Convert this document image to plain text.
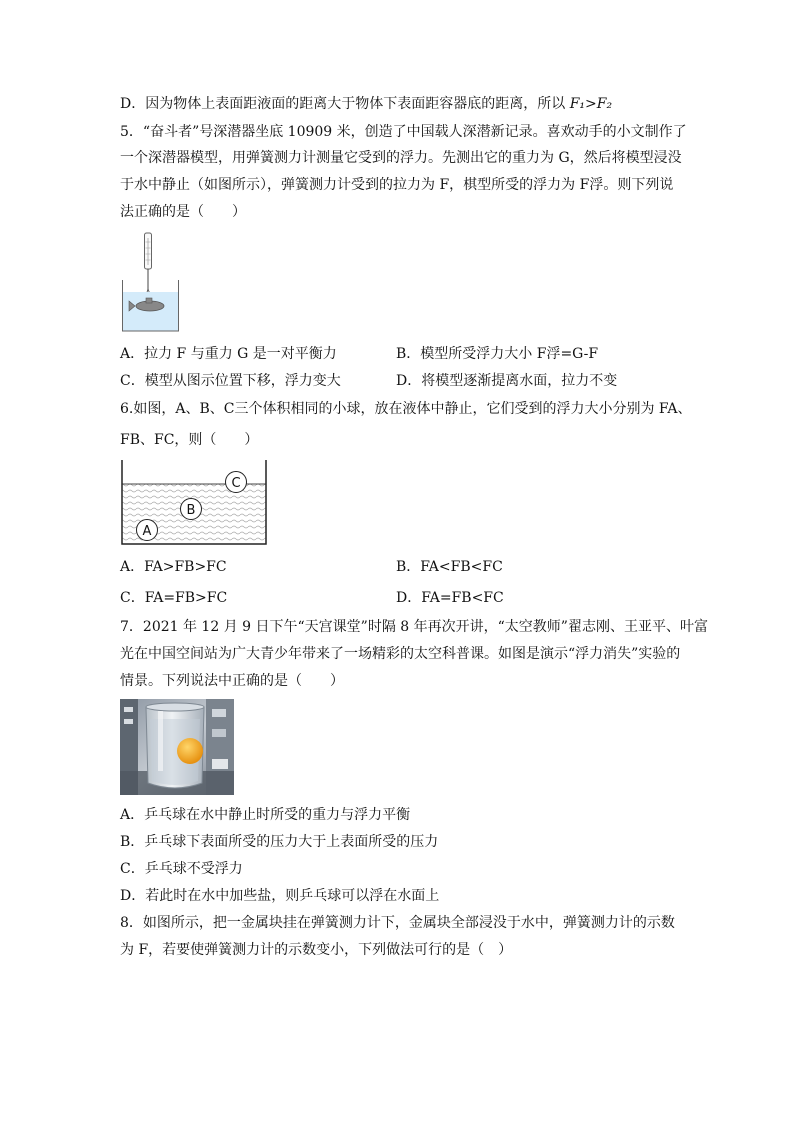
D．因为物体上表面距液面的距离大于物体下表面距容器底的距离，所以 F₁>F₂
5．“奋斗者”号深潜器坐底 10909 米，创造了中国载人深潜新记录。喜欢动手的小文制作了
一个深潜器模型，用弹簧测力计测量它受到的浮力。先测出它的重力为 G，然后将模型浸没
于水中静止（如图所示），弹簧测力计受到的拉力为 F，棋型所受的浮力为 F浮。则下列说
法正确的是（　　）
A．拉力 F 与重力 G 是一对平衡力	B．模型所受浮力大小 F浮=G-F
C．模型从图示位置下移，浮力变大	D．将模型逐渐提离水面，拉力不变
6.如图，A、B、C三个体积相同的小球，放在液体中静止，它们受到的浮力大小分别为 FA、
FB、FC，则（　　）
A
B
C
A．FA>FB>FC	B．FA<FB<FC
C．FA=FB>FC	D．FA=FB<FC
7．2021 年 12 月 9 日下午“天宫课堂”时隔 8 年再次开讲，“太空教师”翟志刚、王亚平、叶富
光在中国空间站为广大青少年带来了一场精彩的太空科普课。如图是演示“浮力消失”实验的
情景。下列说法中正确的是（　　）
A．乒乓球在水中静止时所受的重力与浮力平衡
B．乒乓球下表面所受的压力大于上表面所受的压力
C．乒乓球不受浮力
D．若此时在水中加些盐，则乒乓球可以浮在水面上
8．如图所示，把一金属块挂在弹簧测力计下，金属块全部浸没于水中，弹簧测力计的示数
为 F，若要使弹簧测力计的示数变小，下列做法可行的是（　）
